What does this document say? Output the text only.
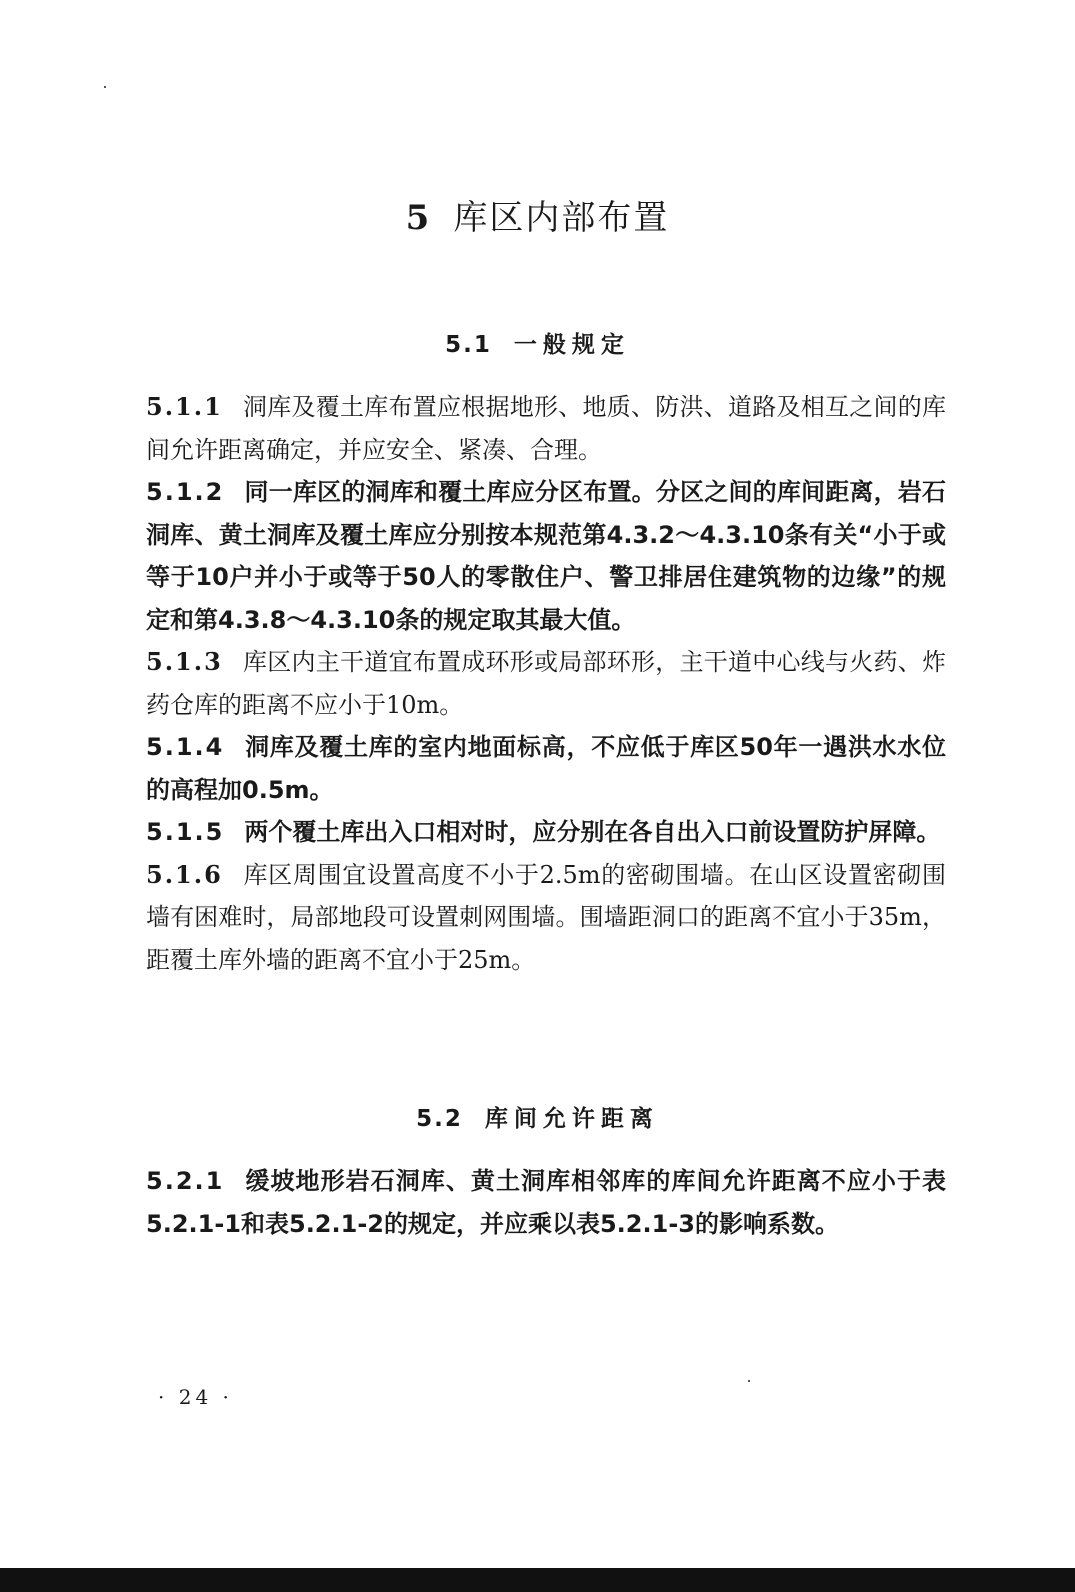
5 库区内部布置
5.1 一般规定

5.1.1 洞库及覆土库布置应根据地形、地质、防洪、道路及相互之间的库间允许距离确定，并应安全、紧凑、合理。

5.1.2 同一库区的洞库和覆土库应分区布置。分区之间的库间距离，岩石洞库、黄土洞库及覆土库应分别按本规范第4.3.2～4.3.10条有关“小于或等于10户并小于或等于50人的零散住户、警卫排居住建筑物的边缘”的规定和第4.3.8～4.3.10条的规定取其最大值。

5.1.3 库区内主干道宜布置成环形或局部环形，主干道中心线与火药、炸药仓库的距离不应小于10m。

5.1.4 洞库及覆土库的室内地面标高，不应低于库区50年一遇洪水水位的高程加0.5m。

5.1.5 两个覆土库出入口相对时，应分别在各自出入口前设置防护屏障。

5.1.6 库区周围宜设置高度不小于2.5m的密砌围墙。在山区设置密砌围墙有困难时，局部地段可设置刺网围墙。围墙距洞口的距离不宜小于35m，距覆土库外墙的距离不宜小于25m。

5.2 库间允许距离

5.2.1 缓坡地形岩石洞库、黄土洞库相邻库的库间允许距离不应小于表5.2.1-1和表5.2.1-2的规定，并应乘以表5.2.1-3的影响系数。

· 24 ·
